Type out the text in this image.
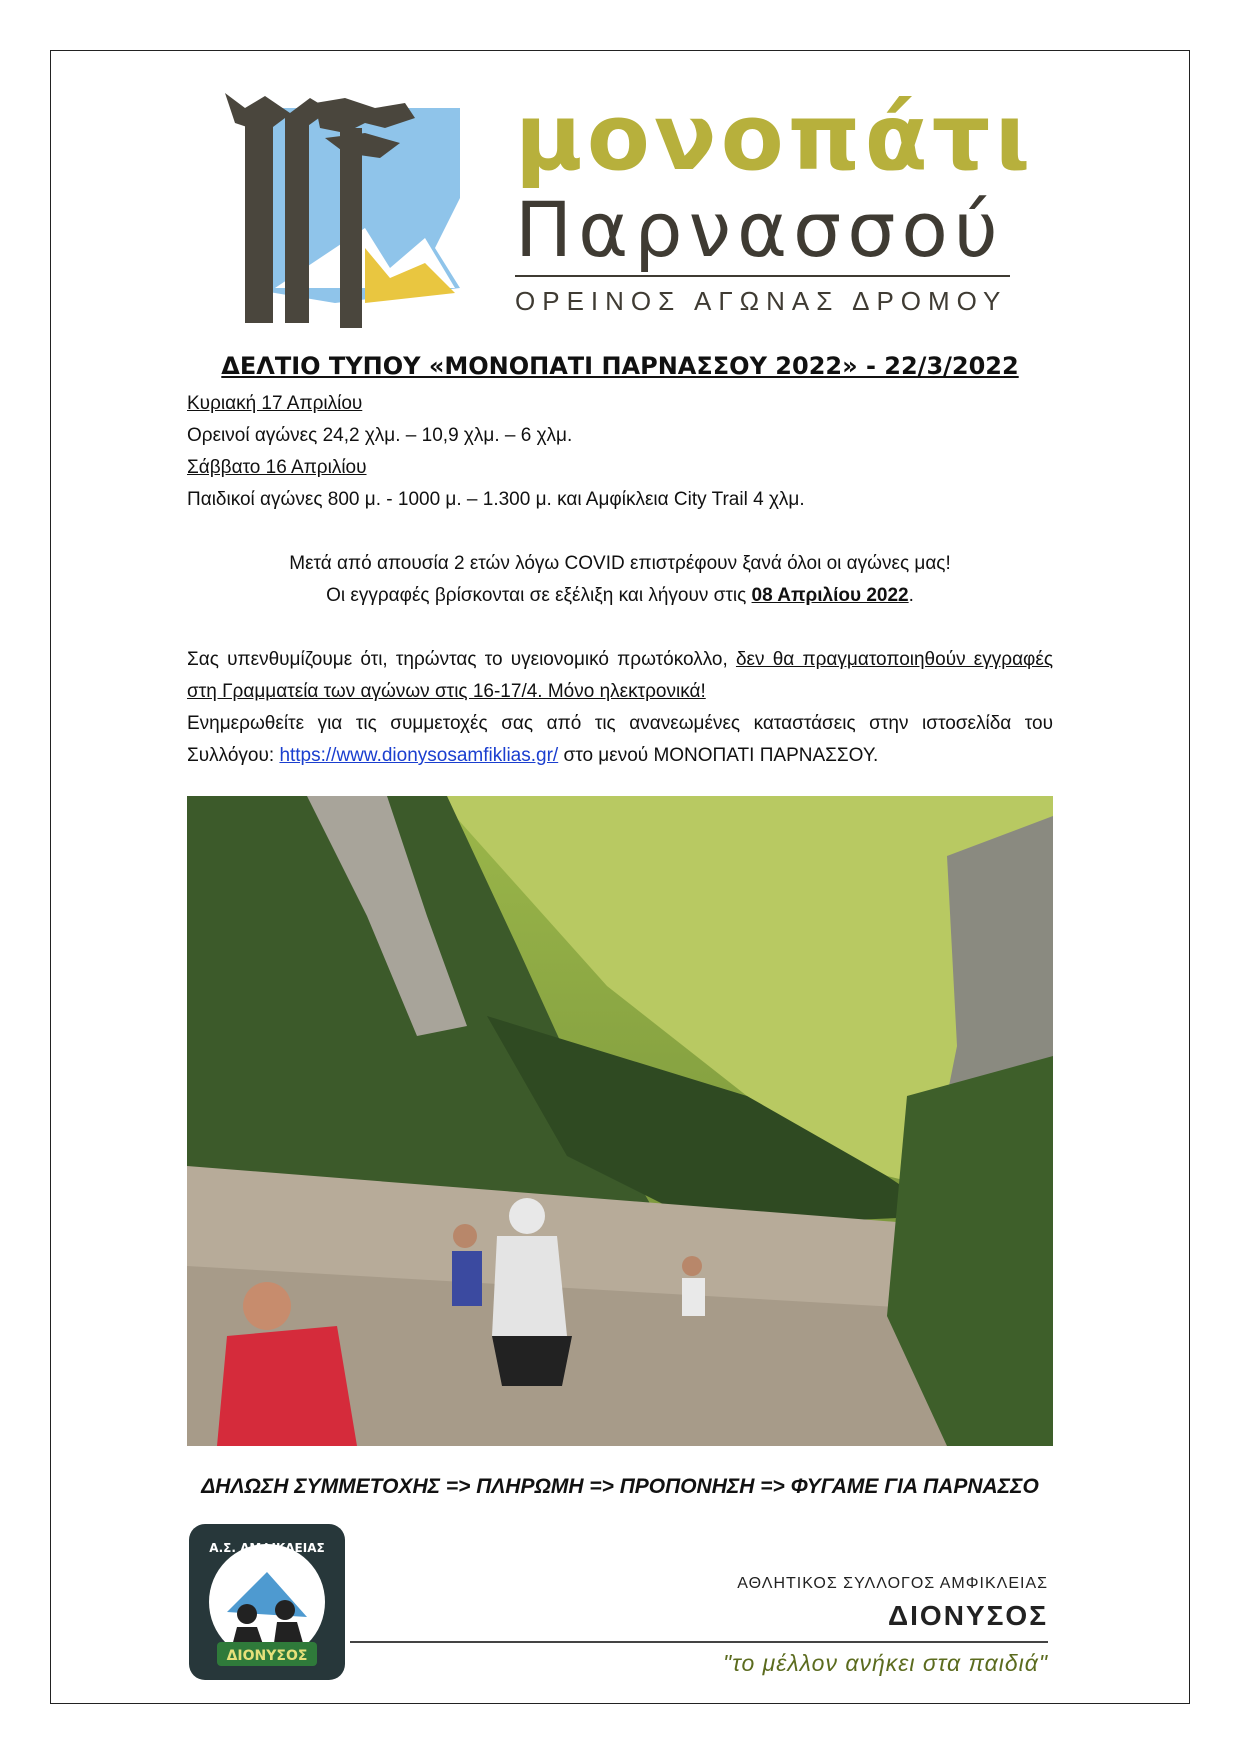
μονοπάτι
Παρνασσού
ΟΡΕΙΝΟΣ ΑΓΩΝΑΣ ΔΡΟΜΟΥ
ΔΕΛΤΙΟ ΤΥΠΟΥ «ΜΟΝΟΠΑΤΙ ΠΑΡΝΑΣΣΟΥ 2022» - 22/3/2022
Κυριακή 17 Απριλίου
Ορεινοί αγώνες 24,2 χλμ. – 10,9 χλμ. – 6 χλμ.
Σάββατο 16 Απριλίου
Παιδικοί αγώνες 800 μ. - 1000 μ. – 1.300 μ. και Αμφίκλεια City Trail 4 χλμ.
Μετά από απουσία 2 ετών λόγω COVID επιστρέφουν ξανά όλοι οι αγώνες μας!
Οι εγγραφές βρίσκονται σε εξέλιξη και λήγουν στις 08 Απριλίου 2022.
Σας υπενθυμίζουμε ότι, τηρώντας το υγειονομικό πρωτόκολλο, δεν θα πραγματοποιηθούν εγγραφές στη Γραμματεία των αγώνων στις 16-17/4. Μόνο ηλεκτρονικά!
Ενημερωθείτε για τις συμμετοχές σας από τις ανανεωμένες καταστάσεις στην ιστοσελίδα του Συλλόγου: https://www.dionysosamfiklias.gr/ στο μενού ΜΟΝΟΠΑΤΙ ΠΑΡΝΑΣΣΟΥ.
ΔΗΛΩΣΗ ΣΥΜΜΕΤΟΧΗΣ => ΠΛΗΡΩΜΗ => ΠΡΟΠΟΝΗΣΗ => ΦΥΓΑΜΕ ΓΙΑ ΠΑΡΝΑΣΣΟ
ΔΙΟΝΥΣΟΣ
Α.Σ. ΑΜΦΙΚΛΕΙΑΣ
ΑΘΛΗΤΙΚΟΣ ΣΥΛΛΟΓΟΣ ΑΜΦΙΚΛΕΙΑΣ
ΔΙΟΝΥΣΟΣ
"το μέλλον ανήκει στα παιδιά"
